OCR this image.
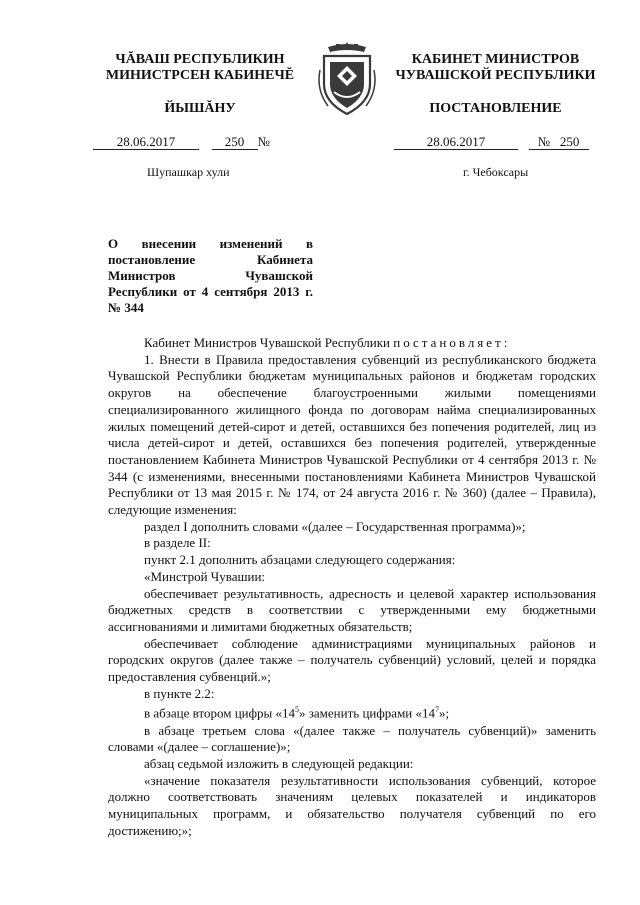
ЧĂВАШ РЕСПУБЛИКИН
МИНИСТРСЕН КАБИНЕЧĔ
ЙЫШĂНУ
КАБИНЕТ МИНИСТРОВ
ЧУВАШСКОЙ РЕСПУБЛИКИ
ПОСТАНОВЛЕНИЕ
28.06.2017	250 №	28.06.2017	№ 250
Шупашкар хули	г. Чебоксары
О внесении изменений в постановление Кабинета Министров Чувашской Республики от 4 сентября 2013 г. № 344

Кабинет Министров Чувашской Республики постановляет:

1. Внести в Правила предоставления субвенций из республиканского бюджета Чувашской Республики бюджетам муниципальных районов и бюджетам городских округов на обеспечение благоустроенными жилыми помещениями специализированного жилищного фонда по договорам найма специализированных жилых помещений детей-сирот и детей, оставшихся без попечения родителей, лиц из числа детей-сирот и детей, оставшихся без попечения родителей, утвержденные постановлением Кабинета Министров Чувашской Республики от 4 сентября 2013 г. № 344 (с изменениями, внесенными постановлениями Кабинета Министров Чувашской Республики от 13 мая 2015 г. № 174, от 24 августа 2016 г. № 360) (далее – Правила), следующие изменения:

раздел I дополнить словами «(далее – Государственная программа)»;

в разделе II:

пункт 2.1 дополнить абзацами следующего содержания:

«Минстрой Чувашии:

обеспечивает результативность, адресность и целевой характер использования бюджетных средств в соответствии с утвержденными ему бюджетными ассигнованиями и лимитами бюджетных обязательств;

обеспечивает соблюдение администрациями муниципальных районов и городских округов (далее также – получатель субвенций) условий, целей и порядка предоставления субвенций.»;

в пункте 2.2:

в абзаце втором цифры «$14^5$» заменить цифрами «$14^7$»;

в абзаце третьем слова «(далее также – получатель субвенций)» заменить словами «(далее – соглашение)»;

абзац седьмой изложить в следующей редакции:

«значение показателя результативности использования субвенций, которое должно соответствовать значениям целевых показателей и индикаторов муниципальных программ, и обязательство получателя субвенций по его достижению;»;
